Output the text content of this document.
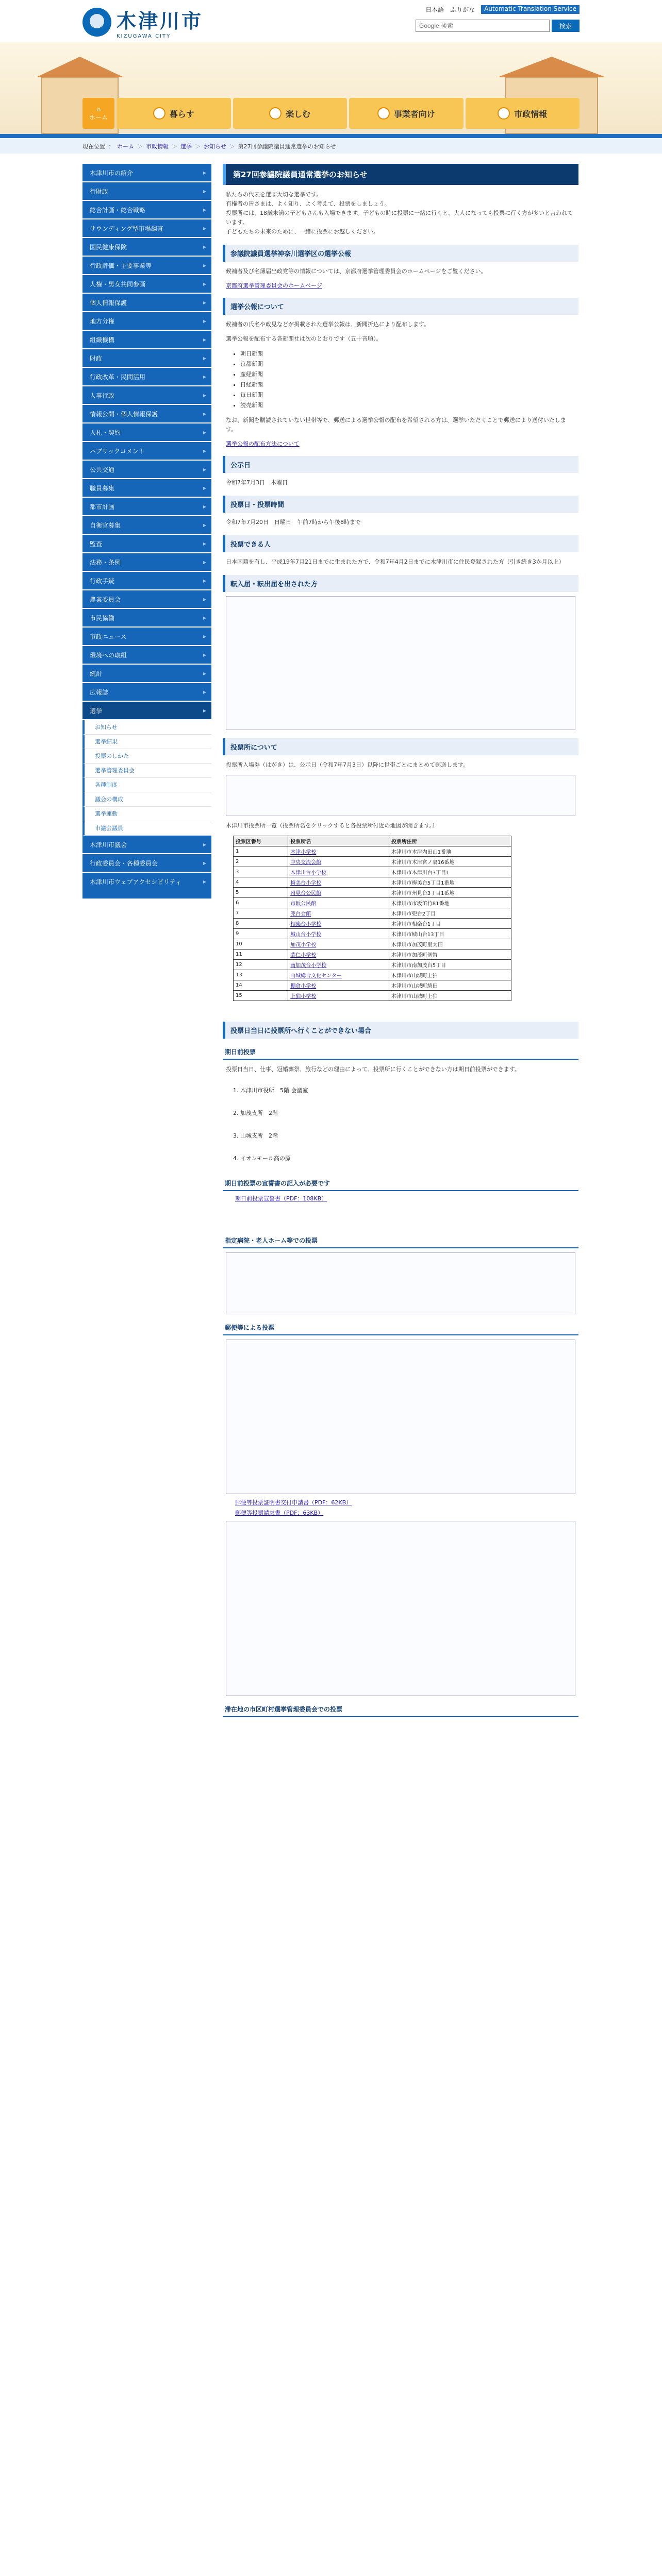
木津川市
KIZUGAWA CITY
日本語 ふりがな	Automatic Translation Service
Google 検索
検索
⌂
ホーム	暮らす	楽しむ	事業者向け	市政情報
現在位置 ： ホーム ＞ 市政情報 ＞ 選挙 ＞ お知らせ ＞ 第27回参議院議員通常選挙のお知らせ
木津川市の紹介 ▶
行財政 ▶
総合計画・総合戦略 ▶
サウンディング型市場調査 ▶
国民健康保険 ▶
行政評価・主要事業等 ▶
人権・男女共同参画 ▶
個人情報保護 ▶
地方分権 ▶
組織機構 ▶
財政 ▶
行政改革・民間活用 ▶
人事行政 ▶
情報公開・個人情報保護 ▶
入札・契約 ▶
パブリックコメント ▶
公共交通 ▶
職員募集 ▶
都市計画 ▶
自衛官募集 ▶
監査 ▶
法務・条例 ▶
行政手続 ▶
農業委員会 ▶
市民協働 ▶
市政ニュース ▶
環境への取組 ▶
統計 ▶
広報誌 ▶
選挙 ▶
お知らせ
選挙結果
投票のしかた
選挙管理委員会
各種制度
議会の構成
選挙運動
市議会議員
木津川市議会 ▶
行政委員会・各種委員会 ▶
木津川市ウェブアクセシビリティ ▶
第27回参議院議員通常選挙のお知らせ
私たちの代表を選ぶ大切な選挙です。
有権者の皆さまは、よく知り、よく考えて、投票をしましょう。
投票所には、18歳未満の子どもさんも入場できます。子どもの時に投票に一緒に行くと、大人になっても投票に行く方が多いと言われています。
子どもたちの未来のために、一緒に投票にお越しください。
参議院議員選挙神奈川選挙区の選挙公報
候補者及び名簿届出政党等の情報については、京都府選挙管理委員会のホームページをご覧ください。
京都府選挙管理委員会のホームページ
選挙公報について
候補者の氏名や政見などが掲載された選挙公報は、新聞折込により配布します。
選挙公報を配布する各新聞社は次のとおりです（五十音順）。
• 朝日新聞
• 京都新聞
• 産経新聞
• 日経新聞
• 毎日新聞
• 読売新聞
なお、新聞を購読されていない世帯等で、郵送による選挙公報の配布を希望される方は、選挙いただくことで郵送により送付いたします。
選挙公報の配布方法について
公示日
令和7年7月3日　木曜日
投票日・投票時間
令和7年7月20日　日曜日　午前7時から午後8時まで
投票できる人
日本国籍を有し、平成19年7月21日までに生まれた方で、令和7年4月2日までに木津川市に住民登録された方（引き続き3か月以上）
転入届・転出届を出された方
投票所について
投票所入場券（はがき）は、公示日（令和7年7月3日）以降に世帯ごとにまとめて郵送します。
木津川市投票所一覧（投票所名をクリックすると各投票所付近の地図が開きます。）
投票区番号	投票所名	投票所住所
1	木津小学校	木津川市木津内田山1番地
2	中央交流会館	木津川市木津宮ノ裏16番地
3	木津川台小学校	木津川市木津川台3丁目1
4	梅美台小学校	木津川市梅美台5丁目1番地
5	州見台公民館	木津川市州見台3丁目1番地
6	市坂公民館	木津川市市坂笛竹81番地
7	兜台会館	木津川市兜台2丁目
8	相楽台小学校	木津川市相楽台1丁目
9	城山台小学校	木津川市城山台13丁目
10	加茂小学校	木津川市加茂町里太田
11	恭仁小学校	木津川市加茂町例幣
12	南加茂台小学校	木津川市南加茂台5丁目
13	山城総合文化センター	木津川市山城町上狛
14	棚倉小学校	木津川市山城町綺田
15	上狛小学校	木津川市山城町上狛
投票日当日に投票所へ行くことができない場合
期日前投票
投票日当日、仕事、冠婚葬祭、旅行などの理由によって、投票所に行くことができない方は期日前投票ができます。
1. 木津川市役所　5階 会議室
2. 加茂支所　2階
3. 山城支所　2階
4. イオンモール高の原
期日前投票の宣誓書の記入が必要です
期日前投票宣誓書（PDF：108KB）
指定病院・老人ホーム等での投票
郵便等による投票
郵便等投票証明書交付申請書（PDF：62KB）
郵便等投票請求書（PDF：63KB）
滞在地の市区町村選挙管理委員会での投票
